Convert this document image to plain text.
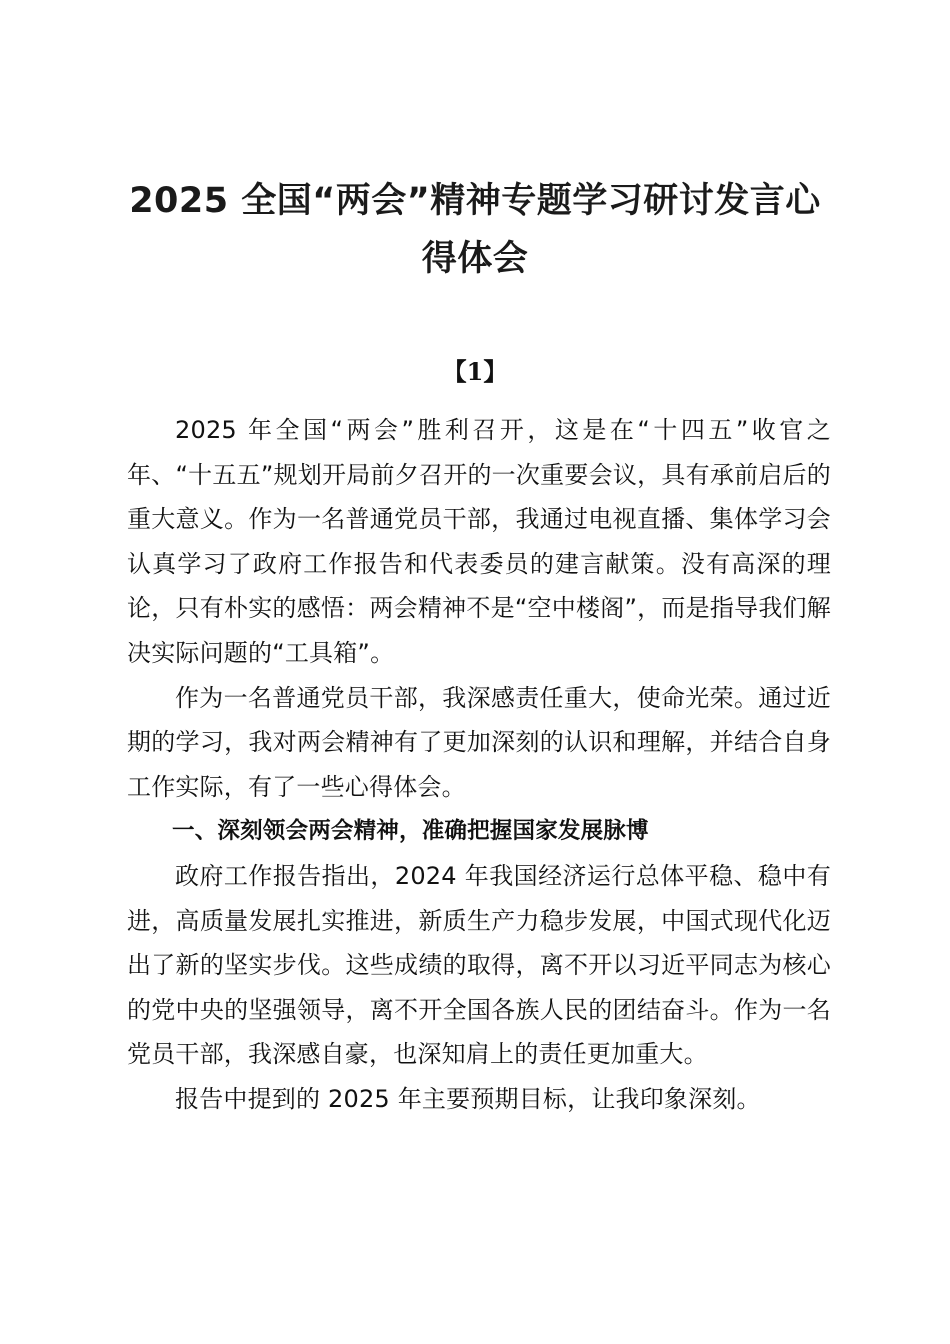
2025 全国“两会”精神专题学习研讨发言心得体会
【1】

2025 年全国“两会”胜利召开，这是在“十四五”收官之年、“十五五”规划开局前夕召开的一次重要会议，具有承前启后的重大意义。作为一名普通党员干部，我通过电视直播、集体学习会认真学习了政府工作报告和代表委员的建言献策。没有高深的理论，只有朴实的感悟：两会精神不是“空中楼阁”，而是指导我们解决实际问题的“工具箱”。

作为一名普通党员干部，我深感责任重大，使命光荣。通过近期的学习，我对两会精神有了更加深刻的认识和理解，并结合自身工作实际，有了一些心得体会。

一、深刻领会两会精神，准确把握国家发展脉博

政府工作报告指出，2024 年我国经济运行总体平稳、稳中有进，高质量发展扎实推进，新质生产力稳步发展，中国式现代化迈出了新的坚实步伐。这些成绩的取得，离不开以习近平同志为核心的党中央的坚强领导，离不开全国各族人民的团结奋斗。作为一名党员干部，我深感自豪，也深知肩上的责任更加重大。

报告中提到的 2025 年主要预期目标，让我印象深刻。
